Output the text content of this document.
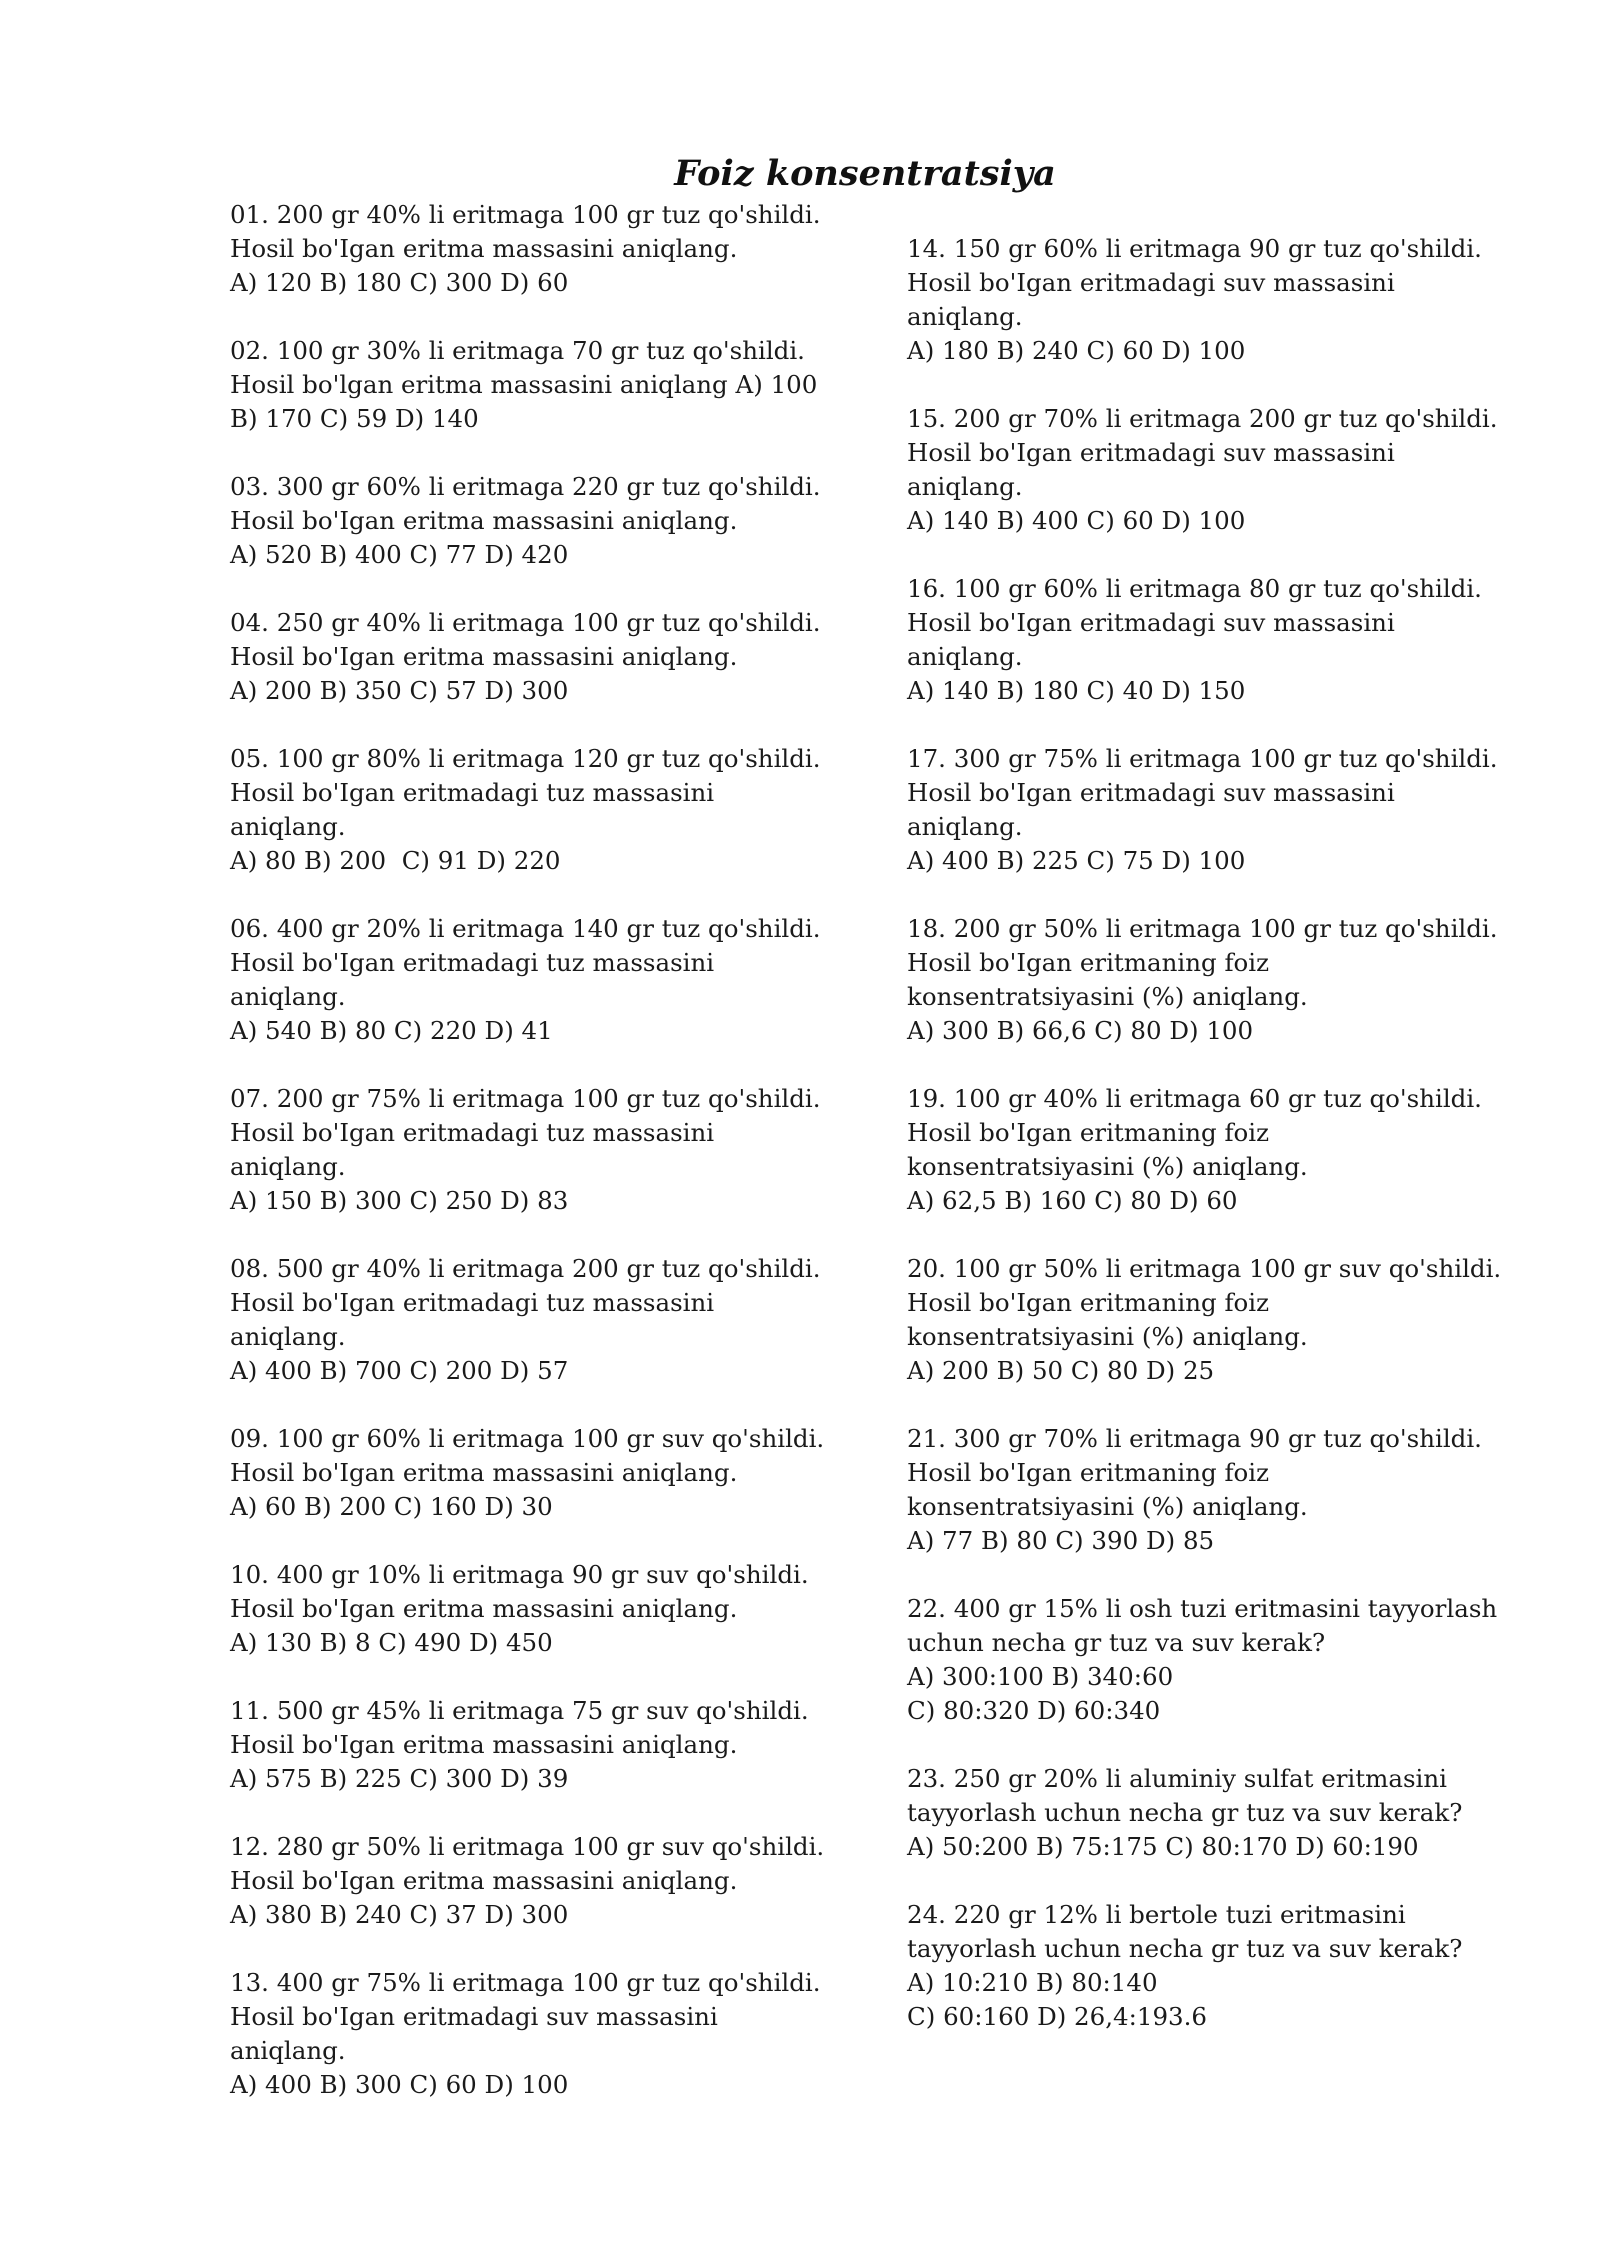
Foiz konsentratsiya

01. 200 gr 40% li eritmaga 100 gr tuz qo'shildi.

Hosil bo'Igan eritma massasini aniqlang.

A) 120 B) 180 C) 300 D) 60

02. 100 gr 30% li eritmaga 70 gr tuz qo'shildi.

Hosil bo'lgan eritma massasini aniqlang A) 100

B) 170 C) 59 D) 140

03. 300 gr 60% li eritmaga 220 gr tuz qo'shildi.

Hosil bo'Igan eritma massasini aniqlang.

A) 520 B) 400 C) 77 D) 420

04. 250 gr 40% li eritmaga 100 gr tuz qo'shildi.

Hosil bo'Igan eritma massasini aniqlang.

A) 200 B) 350 C) 57 D) 300

05. 100 gr 80% li eritmaga 120 gr tuz qo'shildi.

Hosil bo'Igan eritmadagi tuz massasini

aniqlang.

A) 80 B) 200  C) 91 D) 220

06. 400 gr 20% li eritmaga 140 gr tuz qo'shildi.

Hosil bo'Igan eritmadagi tuz massasini

aniqlang.

A) 540 B) 80 C) 220 D) 41

07. 200 gr 75% li eritmaga 100 gr tuz qo'shildi.

Hosil bo'Igan eritmadagi tuz massasini

aniqlang.

A) 150 B) 300 C) 250 D) 83

08. 500 gr 40% li eritmaga 200 gr tuz qo'shildi.

Hosil bo'Igan eritmadagi tuz massasini

aniqlang.

A) 400 B) 700 C) 200 D) 57

09. 100 gr 60% li eritmaga 100 gr suv qo'shildi.

Hosil bo'Igan eritma massasini aniqlang.

A) 60 B) 200 C) 160 D) 30

10. 400 gr 10% li eritmaga 90 gr suv qo'shildi.

Hosil bo'Igan eritma massasini aniqlang.

A) 130 B) 8 C) 490 D) 450

11. 500 gr 45% li eritmaga 75 gr suv qo'shildi.

Hosil bo'Igan eritma massasini aniqlang.

A) 575 B) 225 C) 300 D) 39

12. 280 gr 50% li eritmaga 100 gr suv qo'shildi.

Hosil bo'Igan eritma massasini aniqlang.

A) 380 B) 240 C) 37 D) 300

13. 400 gr 75% li eritmaga 100 gr tuz qo'shildi.

Hosil bo'Igan eritmadagi suv massasini

aniqlang.

A) 400 B) 300 C) 60 D) 100

14. 150 gr 60% li eritmaga 90 gr tuz qo'shildi.

Hosil bo'Igan eritmadagi suv massasini

aniqlang.

A) 180 B) 240 C) 60 D) 100

15. 200 gr 70% li eritmaga 200 gr tuz qo'shildi.

Hosil bo'Igan eritmadagi suv massasini

aniqlang.

A) 140 B) 400 C) 60 D) 100

16. 100 gr 60% li eritmaga 80 gr tuz qo'shildi.

Hosil bo'Igan eritmadagi suv massasini

aniqlang.

A) 140 B) 180 C) 40 D) 150

17. 300 gr 75% li eritmaga 100 gr tuz qo'shildi.

Hosil bo'Igan eritmadagi suv massasini

aniqlang.

A) 400 B) 225 C) 75 D) 100

18. 200 gr 50% li eritmaga 100 gr tuz qo'shildi.

Hosil bo'Igan eritmaning foiz

konsentratsiyasini (%) aniqlang.

A) 300 B) 66,6 C) 80 D) 100

19. 100 gr 40% li eritmaga 60 gr tuz qo'shildi.

Hosil bo'Igan eritmaning foiz

konsentratsiyasini (%) aniqlang.

A) 62,5 B) 160 C) 80 D) 60

20. 100 gr 50% li eritmaga 100 gr suv qo'shildi.

Hosil bo'Igan eritmaning foiz

konsentratsiyasini (%) aniqlang.

A) 200 B) 50 C) 80 D) 25

21. 300 gr 70% li eritmaga 90 gr tuz qo'shildi.

Hosil bo'Igan eritmaning foiz

konsentratsiyasini (%) aniqlang.

A) 77 B) 80 C) 390 D) 85

22. 400 gr 15% li osh tuzi eritmasini tayyorlash

uchun necha gr tuz va suv kerak?

A) 300:100 B) 340:60

C) 80:320 D) 60:340

23. 250 gr 20% li aluminiy sulfat eritmasini

tayyorlash uchun necha gr tuz va suv kerak?

A) 50:200 B) 75:175 C) 80:170 D) 60:190

24. 220 gr 12% li bertole tuzi eritmasini

tayyorlash uchun necha gr tuz va suv kerak?

A) 10:210 B) 80:140

C) 60:160 D) 26,4:193.6
